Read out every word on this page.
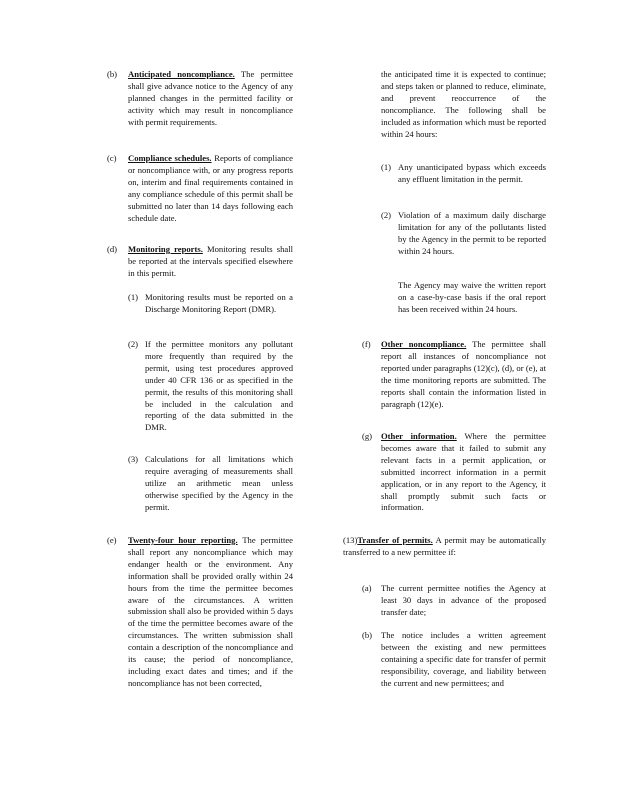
(b) Anticipated noncompliance. The permittee shall give advance notice to the Agency of any planned changes in the permitted facility or activity which may result in noncompliance with permit requirements.
(c) Compliance schedules. Reports of compliance or noncompliance with, or any progress reports on, interim and final requirements contained in any compliance schedule of this permit shall be submitted no later than 14 days following each schedule date.
(d) Monitoring reports. Monitoring results shall be reported at the intervals specified elsewhere in this permit.
(1) Monitoring results must be reported on a Discharge Monitoring Report (DMR).
(2) If the permittee monitors any pollutant more frequently than required by the permit, using test procedures approved under 40 CFR 136 or as specified in the permit, the results of this monitoring shall be included in the calculation and reporting of the data submitted in the DMR.
(3) Calculations for all limitations which require averaging of measurements shall utilize an arithmetic mean unless otherwise specified by the Agency in the permit.
(e) Twenty-four hour reporting. The permittee shall report any noncompliance which may endanger health or the environment. Any information shall be provided orally within 24 hours from the time the permittee becomes aware of the circumstances. A written submission shall also be provided within 5 days of the time the permittee becomes aware of the circumstances. The written submission shall contain a description of the noncompliance and its cause; the period of noncompliance, including exact dates and times; and if the noncompliance has not been corrected,
the anticipated time it is expected to continue; and steps taken or planned to reduce, eliminate, and prevent reoccurrence of the noncompliance. The following shall be included as information which must be reported within 24 hours:
(1) Any unanticipated bypass which exceeds any effluent limitation in the permit.
(2) Violation of a maximum daily discharge limitation for any of the pollutants listed by the Agency in the permit to be reported within 24 hours.
The Agency may waive the written report on a case-by-case basis if the oral report has been received within 24 hours.
(f) Other noncompliance. The permittee shall report all instances of noncompliance not reported under paragraphs (12)(c), (d), or (e), at the time monitoring reports are submitted. The reports shall contain the information listed in paragraph (12)(e).
(g) Other information. Where the permittee becomes aware that it failed to submit any relevant facts in a permit application, or submitted incorrect information in a permit application, or in any report to the Agency, it shall promptly submit such facts or information.
(13)Transfer of permits. A permit may be automatically transferred to a new permittee if:
(a) The current permittee notifies the Agency at least 30 days in advance of the proposed transfer date;
(b) The notice includes a written agreement between the existing and new permittees containing a specific date for transfer of permit responsibility, coverage, and liability between the current and new permittees; and
